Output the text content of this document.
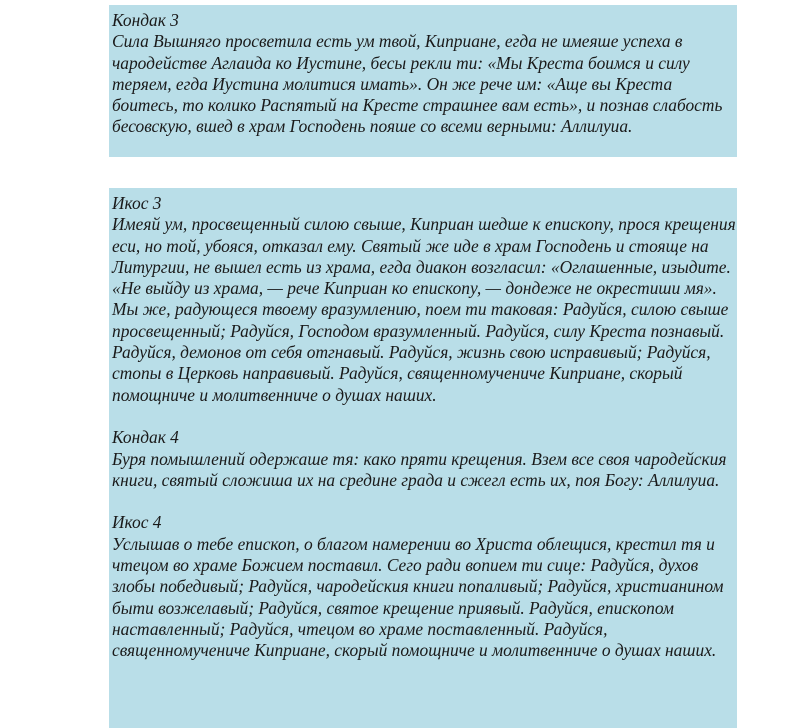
Кондак 3

Сила Вышняго просветила есть ум твой, Киприане, егда не имеяше успеха в чародействе Аглаида ко Иустине, бесы рекли ти: «Мы Креста боимся и силу теряем, егда Иустина молитися имать». Он же рече им: «Аще вы Креста боитесь, то колико Распятый на Кресте страшнее вам есть», и познав слабость бесовскую, вшед в храм Господень пояше со всеми верными: Аллилуиа.

Икос 3

Имеяй ум, просвещенный силою свыше, Киприан шедше к епископу, прося крещения еси, но той, убояся, отказал ему. Святый же иде в храм Господень и стояще на Литургии, не вышел есть из храма, егда диакон возгласил: «Оглашенные, изыдите. «Не выйду из храма, — рече Киприан ко епископу, — дондеже не окрестиши мя». Мы же, радующеся твоему вразумлению, поем ти таковая: Радуйся, силою свыше просвещенный; Радуйся, Господом вразумленный. Радуйся, силу Креста познавый. Радуйся, демонов от себя отгнавый. Радуйся, жизнь свою исправивый; Радуйся, стопы в Церковь направивый. Радуйся, священномучениче Киприане, скорый помощниче и молитвенниче о душах наших.

Кондак 4

Буря помышлений одержаше тя: како пряти крещения. Взем все своя чародейския книги, святый сложиша их на средине града и сжегл есть их, поя Богу: Аллилуиа.

Икос 4

Услышав о тебе епископ, о благом намерении во Христа облещися, крестил тя и чтецом во храме Божием поставил. Сего ради вопием ти сице: Радуйся, духов злобы победивый; Радуйся, чародейския книги попаливый; Радуйся, христианином быти возжелавый; Радуйся, святое крещение приявый. Радуйся, епископом наставленный; Радуйся, чтецом во храме поставленный. Радуйся, священномучениче Киприане, скорый помощниче и молитвенниче о душах наших.
